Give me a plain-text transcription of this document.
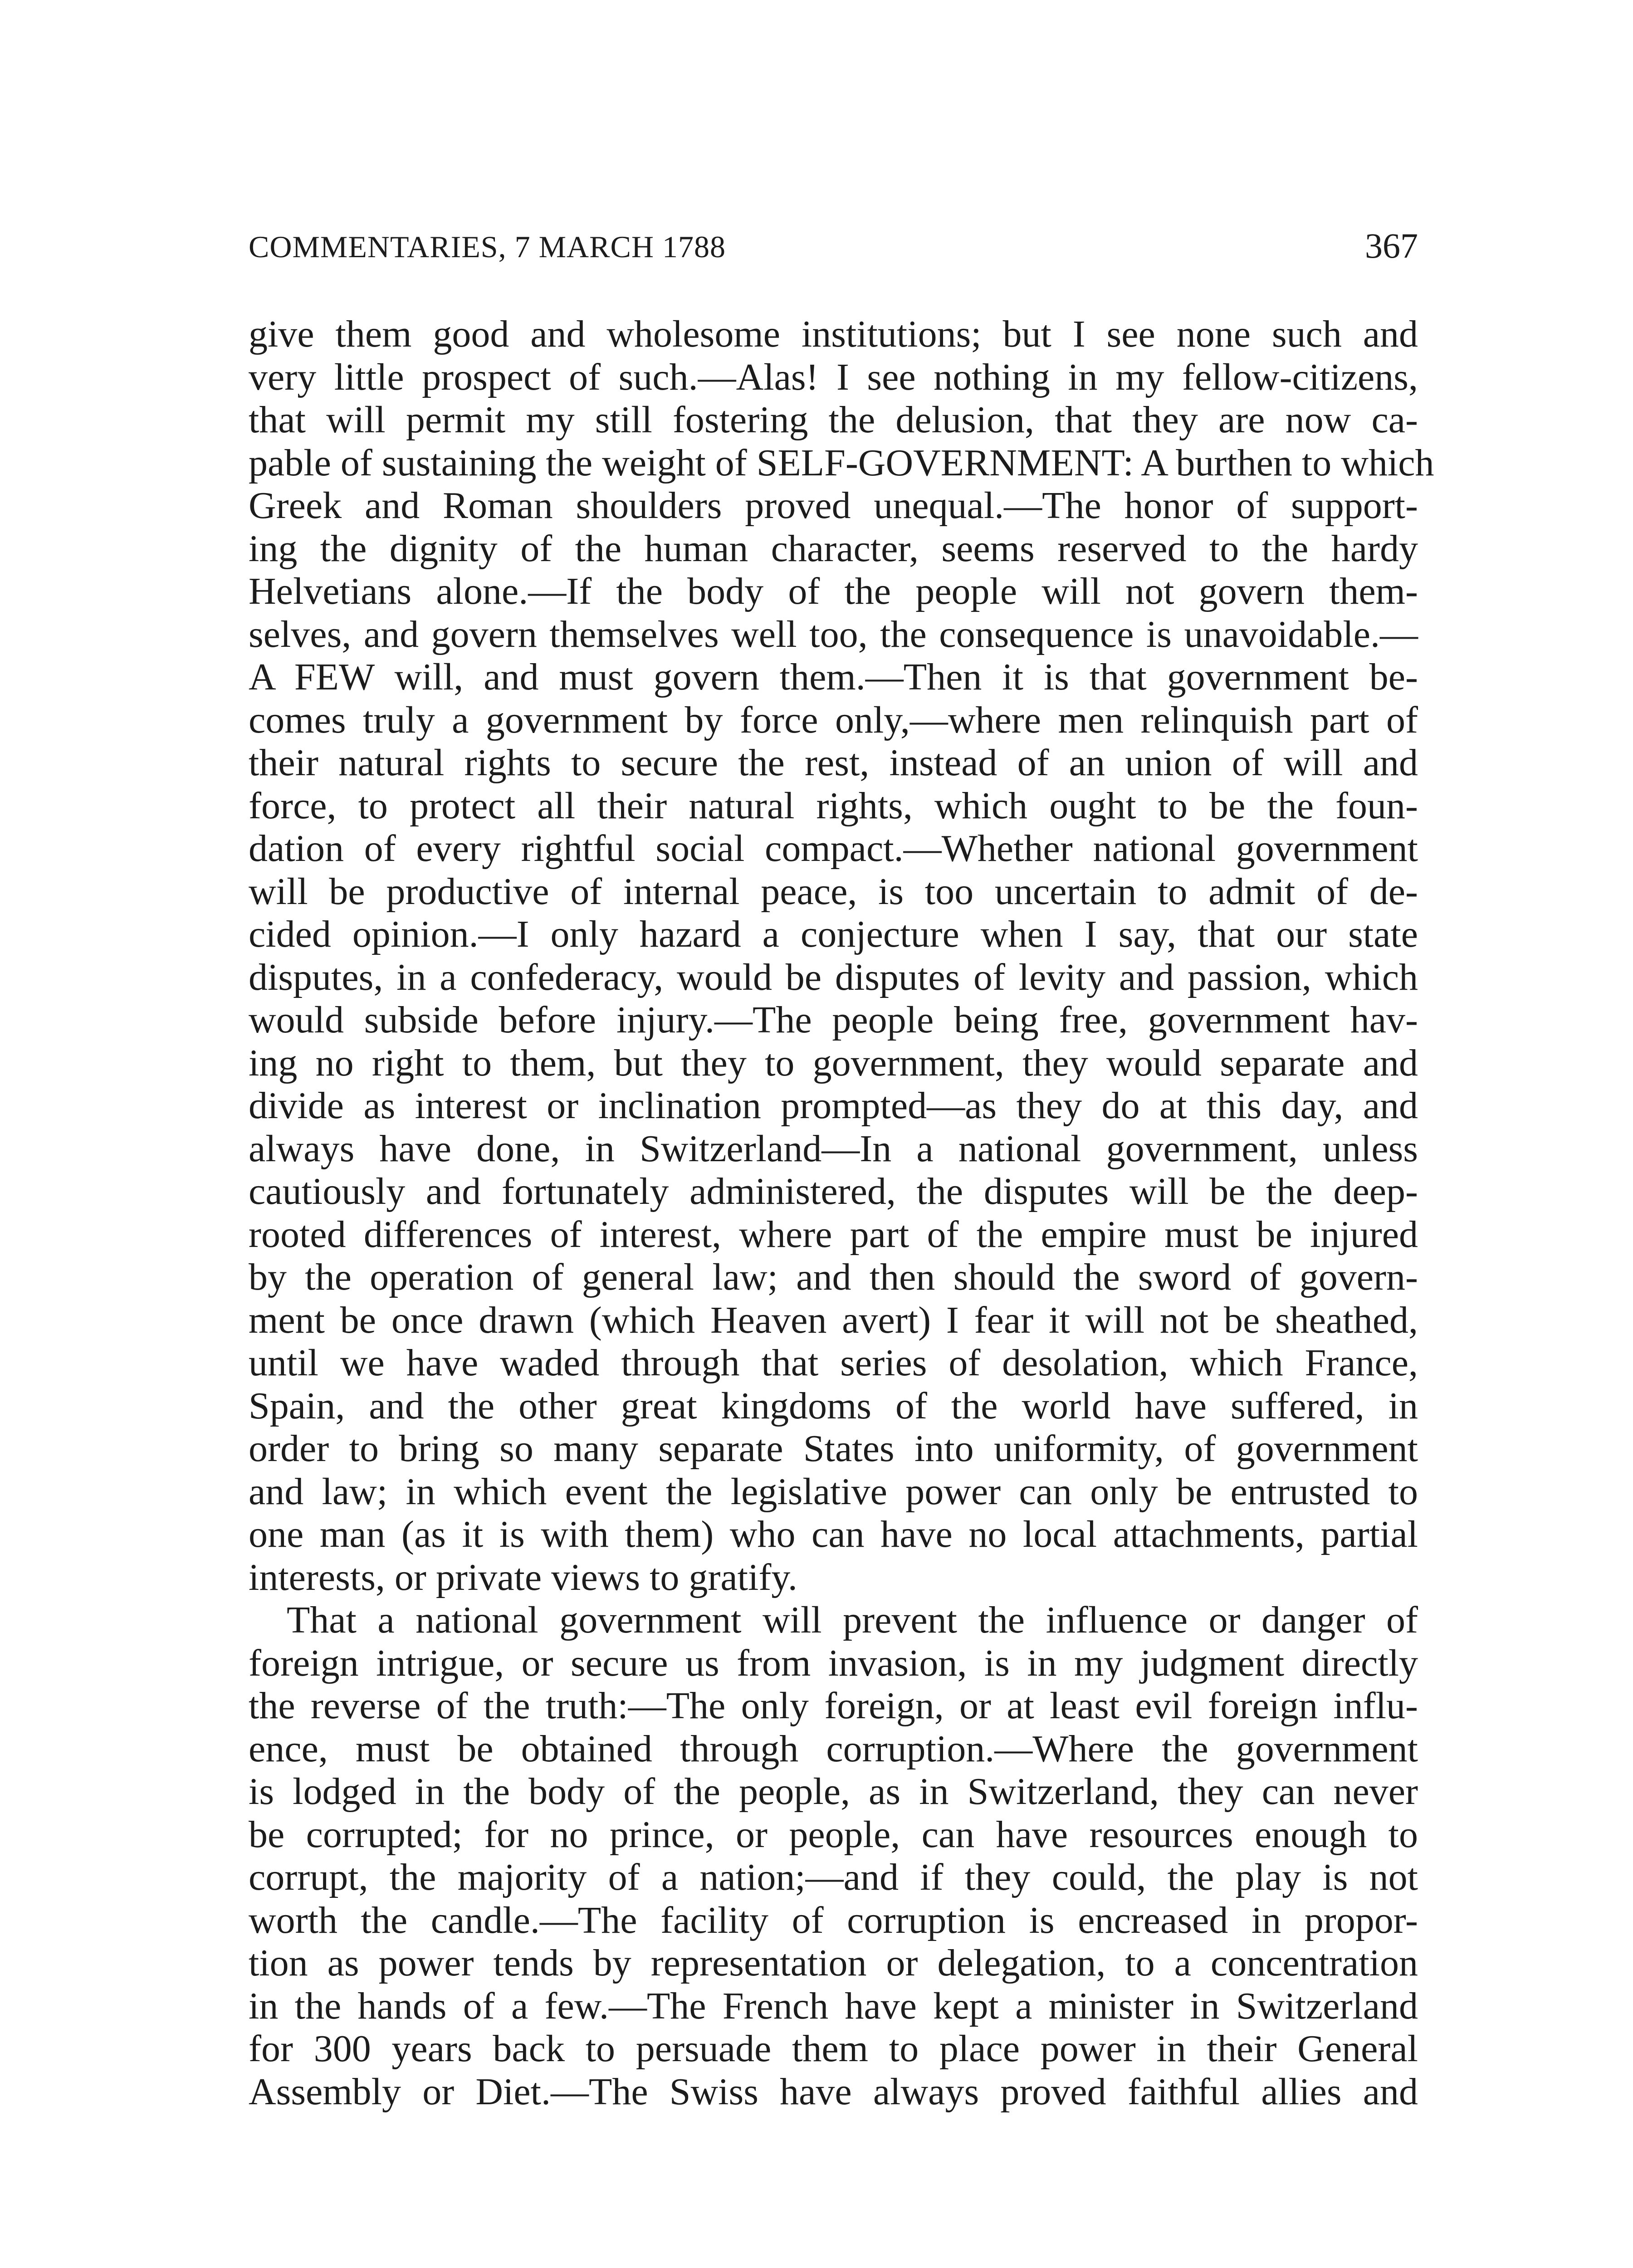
COMMENTARIES, 7 MARCH 1788	367
give them good and wholesome institutions; but I see none such and
very little prospect of such.—Alas! I see nothing in my fellow-citizens,
that will permit my still fostering the delusion, that they are now ca-
pable of sustaining the weight of SELF-GOVERNMENT: A burthen to which
Greek and Roman shoulders proved unequal.—The honor of support-
ing the dignity of the human character, seems reserved to the hardy
Helvetians alone.—If the body of the people will not govern them-
selves, and govern themselves well too, the consequence is unavoidable.—
A FEW will, and must govern them.—Then it is that government be-
comes truly a government by force only,—where men relinquish part of
their natural rights to secure the rest, instead of an union of will and
force, to protect all their natural rights, which ought to be the foun-
dation of every rightful social compact.—Whether national government
will be productive of internal peace, is too uncertain to admit of de-
cided opinion.—I only hazard a conjecture when I say, that our state
disputes, in a confederacy, would be disputes of levity and passion, which
would subside before injury.—The people being free, government hav-
ing no right to them, but they to government, they would separate and
divide as interest or inclination prompted—as they do at this day, and
always have done, in Switzerland—In a national government, unless
cautiously and fortunately administered, the disputes will be the deep-
rooted differences of interest, where part of the empire must be injured
by the operation of general law; and then should the sword of govern-
ment be once drawn (which Heaven avert) I fear it will not be sheathed,
until we have waded through that series of desolation, which France,
Spain, and the other great kingdoms of the world have suffered, in
order to bring so many separate States into uniformity, of government
and law; in which event the legislative power can only be entrusted to
one man (as it is with them) who can have no local attachments, partial
interests, or private views to gratify.
That a national government will prevent the influence or danger of
foreign intrigue, or secure us from invasion, is in my judgment directly
the reverse of the truth:—The only foreign, or at least evil foreign influ-
ence, must be obtained through corruption.—Where the government
is lodged in the body of the people, as in Switzerland, they can never
be corrupted; for no prince, or people, can have resources enough to
corrupt, the majority of a nation;—and if they could, the play is not
worth the candle.—The facility of corruption is encreased in propor-
tion as power tends by representation or delegation, to a concentration
in the hands of a few.—The French have kept a minister in Switzerland
for 300 years back to persuade them to place power in their General
Assembly or Diet.—The Swiss have always proved faithful allies and
